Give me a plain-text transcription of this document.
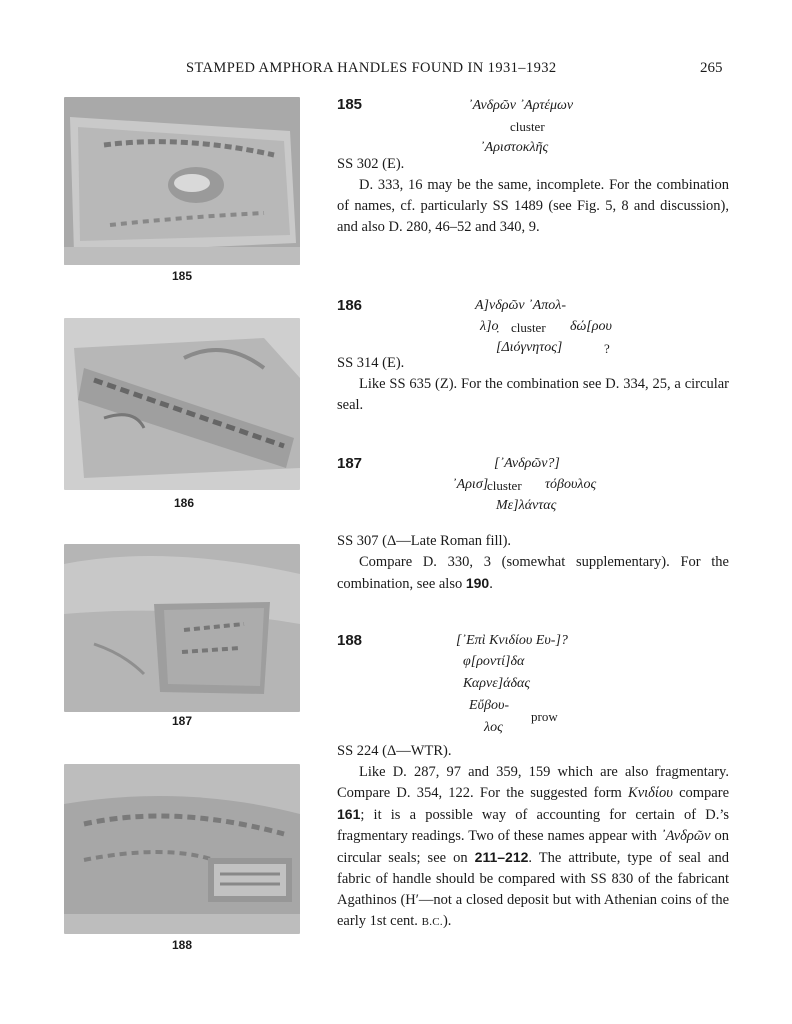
STAMPED AMPHORA HANDLES FOUND IN 1931–1932	265
185
186
187
188
185	᾿Ανδρῶν ᾿Αρτέμων
cluster
᾿Αριστοκλῆς

SS 302 (E).

D. 333, 16 may be the same, incomplete. For the combination of names, cf. particularly SS 1489 (see Fig. 5, 8 and discussion), and also D. 280, 46–52 and 340, 9.

186	Α]νδρῶν ᾿Απολ-
λ]ο̣ cluster δώ[ρου
[Διόγνητος]	?

SS 314 (E).

Like SS 635 (Z). For the combination see D. 334, 25, a circular seal.

187	[᾿Ανδρῶν?]
᾿Αρισ]
cluster τόβουλος
Με]λάντας

SS 307 (Δ—Late Roman fill).

Compare D. 330, 3 (somewhat supplementary). For the combination, see also 190.

188	[᾿Επὶ Κνιδίου Ευ-]?
φ[ροντί]δα
Καρνε]άδας
Εὔβου-
λος
prow

SS 224 (Δ—WTR).

Like D. 287, 97 and 359, 159 which are also fragmentary. Compare D. 354, 122. For the suggested form Κνιδίου compare 161; it is a possible way of accounting for certain of D.’s fragmentary readings. Two of these names appear with ᾿Ανδρῶν on circular seals; see on 211–212. The attribute, type of seal and fabric of handle should be compared with SS 830 of the fabricant Agathinos (H′—not a closed deposit but with Athenian coins of the early 1st cent. B.C.).
